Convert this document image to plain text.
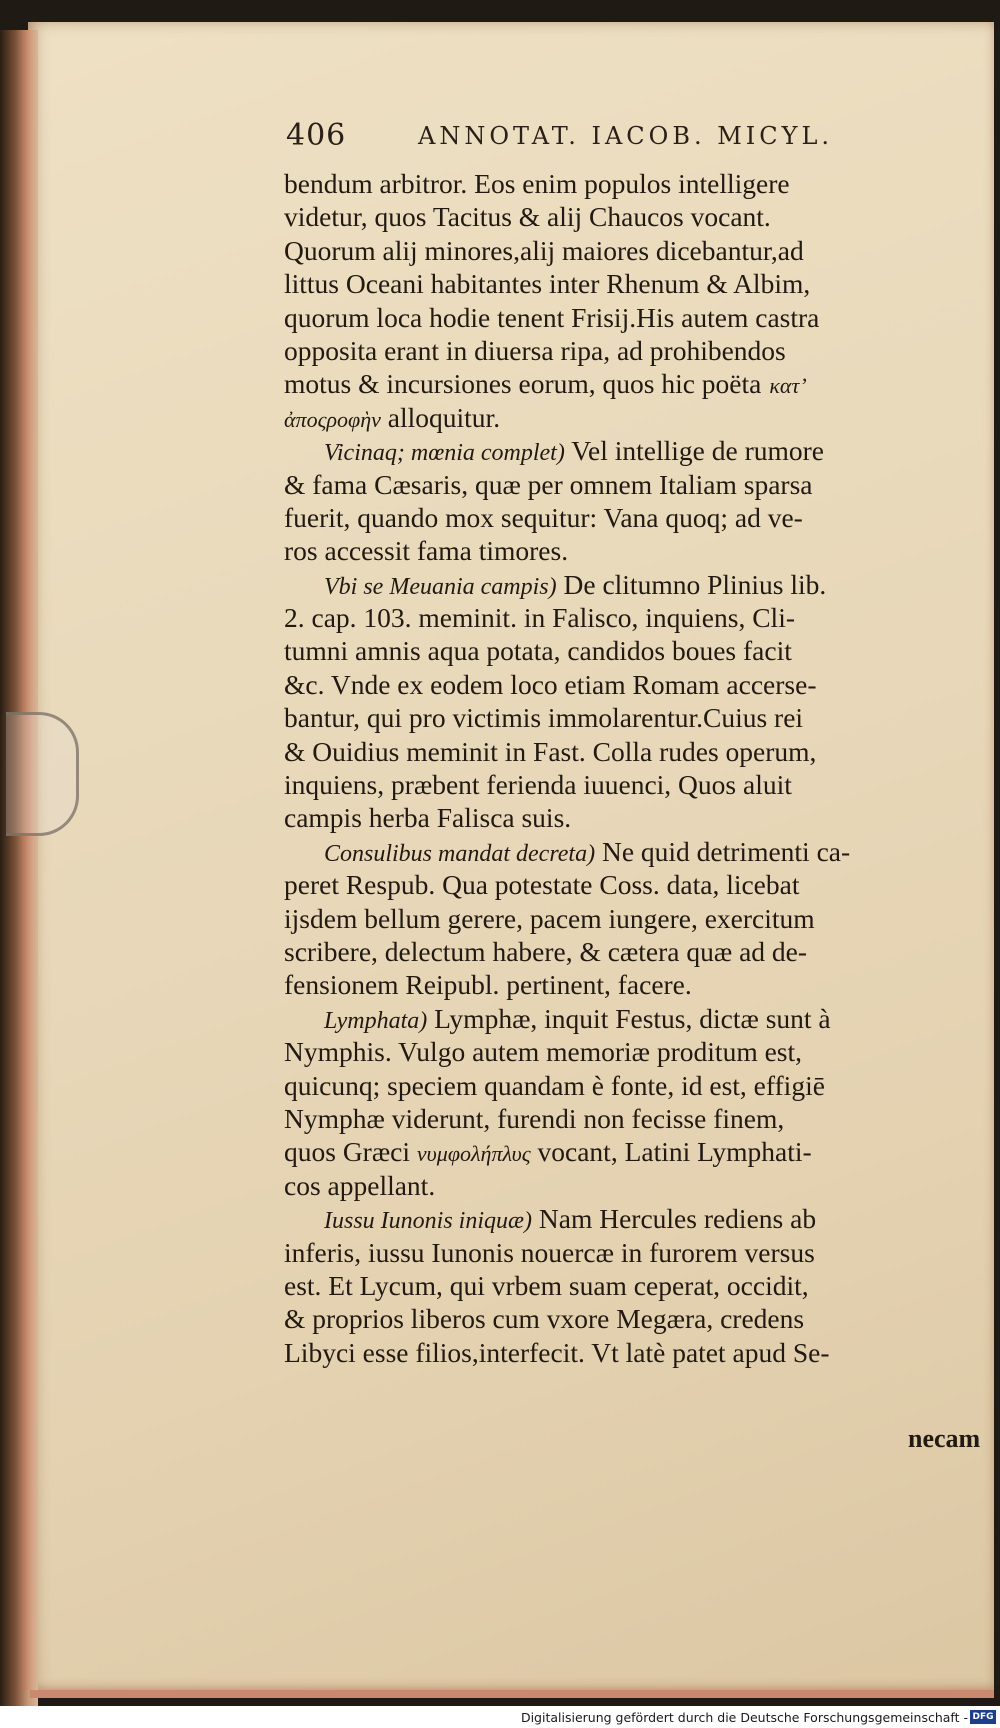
406	ANNOTAT. IACOB. MICYL.
bendum arbitror. Eos enim populos intelligere
videtur, quos Tacitus & alij Chaucos vocant.
Quorum alij minores,alij maiores dicebantur,ad
littus Oceani habitantes inter Rhenum & Albim,
quorum loca hodie tenent Frisij.His autem castra
opposita erant in diuersa ripa, ad prohibendos
motus & incursiones eorum, quos hic poëta κατ’
ἀποςροφὴν alloquitur.
Vicinaq; mœnia complet) Vel intellige de rumore
& fama Cæsaris, quæ per omnem Italiam sparsa
fuerit, quando mox sequitur: Vana quoq; ad ve-
ros accessit fama timores.
Vbi se Meuania campis) De clitumno Plinius lib.
2. cap. 103. meminit. in Falisco, inquiens, Cli-
tumni amnis aqua potata, candidos boues facit
&c. Vnde ex eodem loco etiam Romam accerse-
bantur, qui pro victimis immolarentur.Cuius rei
& Ouidius meminit in Fast. Colla rudes operum,
inquiens, præbent ferienda iuuenci, Quos aluit
campis herba Falisca suis.
Consulibus mandat decreta) Ne quid detrimenti ca-
peret Respub. Qua potestate Coss. data, licebat
ijsdem bellum gerere, pacem iungere, exercitum
scribere, delectum habere, & cætera quæ ad de-
fensionem Reipubl. pertinent, facere.
Lymphata) Lymphæ, inquit Festus, dictæ sunt à
Nymphis. Vulgo autem memoriæ proditum est,
quicunq; speciem quandam è fonte, id est, effigiē
Nymphæ viderunt, furendi non fecisse finem,
quos Græci νυμφολήπλυς vocant, Latini Lymphati-
cos appellant.
Iussu Iunonis iniquæ) Nam Hercules rediens ab
inferis, iussu Iunonis nouercæ in furorem versus
est. Et Lycum, qui vrbem suam ceperat, occidit,
& proprios liberos cum vxore Megæra, credens
Libyci esse filios,interfecit. Vt latè patet apud Se-
necam
Digitalisierung gefördert durch die Deutsche Forschungsgemeinschaft - DFG
